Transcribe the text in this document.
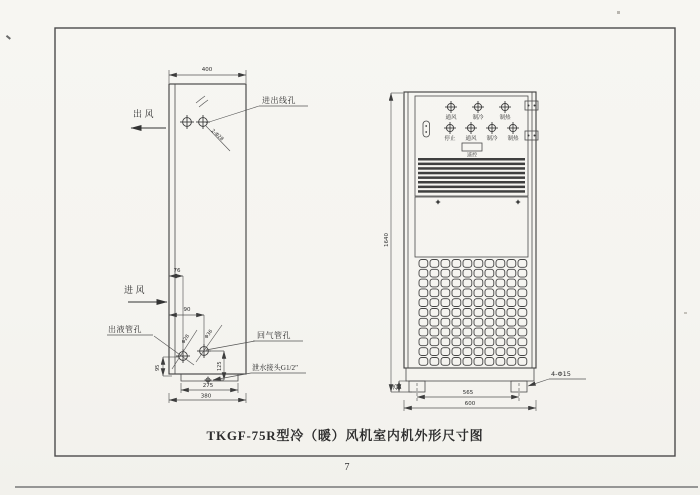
400
进出线孔
2-Φ28
出风
进风
76
90
出液管孔
Φ28	回气管孔
Φ36
95	125	泄水接头G1/2″
275
380
通风	制冷	制热
停止 通风 制冷 制热
遥控
1640
25
565
600
4-Φ15
TKGF-75R型冷（暖）风机室内机外形尺寸图
7
